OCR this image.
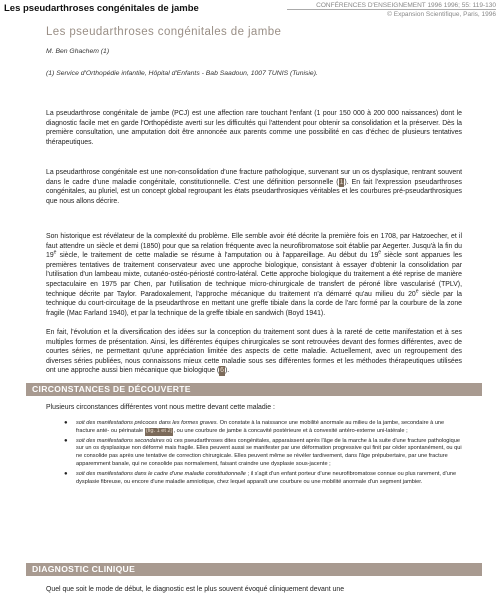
Les pseudarthroses congénitales de jambe	CONFÉRENCES D'ENSEIGNEMENT 1996 1996; 55: 119-130
© Expansion Scientifique, Paris, 1996
Les pseudarthroses congénitales de jambe
M. Ben Ghachem (1)
(1) Service d'Orthopédie infantile, Hôpital d'Enfants - Bab Saadoun, 1007 TUNIS (Tunisie).

La pseudarthrose congénitale de jambe (PCJ) est une affection rare touchant l'enfant (1 pour 150 000 à 200 000 naissances) dont le diagnostic facile met en garde l'Orthopédiste averti sur les difficultés qui l'attendent pour obtenir sa consolidation et la préserver. Dès la première consultation, une amputation doit être annoncée aux parents comme une possibilité en cas d'échec de plusieurs tentatives thérapeutiques.

La pseudarthrose congénitale est une non-consolidation d'une fracture pathologique, survenant sur un os dysplasique, rentrant souvent dans le cadre d'une maladie congénitale, constitutionnelle. C'est une définition personnelle (1). En fait l'expression pseudarthroses congénitales, au pluriel, est un concept global regroupant les états pseudarthrosiques véritables et les courbures pré-pseudarthrosiques que nous allons décrire.

Son historique est révélateur de la complexité du problème. Elle semble avoir été décrite la première fois en 1708, par Hatzoecher, et il faut attendre un siècle et demi (1850) pour que sa relation fréquente avec la neurofibromatose soit établie par Aegerter. Jusqu'à la fin du 19e siècle, le traitement de cette maladie se résume à l'amputation ou à l'appareillage. Au début du 19e siècle sont apparues les premières tentatives de traitement conservateur avec une approche biologique, consistant à essayer d'obtenir la consolidation par l'utilisation d'un lambeau mixte, cutanéo-ostéo-périosté contro-latéral. Cette approche biologique du traitement a été reprise de manière spectaculaire en 1975 par Chen, par l'utilisation de technique micro-chirurgicale de transfert de péroné libre vascularisé (TPLV), technique décrite par Taylor. Paradoxalement, l'approche mécanique du traitement n'a démarré qu'au milieu du 20e siècle par la technique du court-circuitage de la pseudarthrose en mettant une greffe tibiale dans la corde de l'arc formé par la courbure de la zone fragile (Mac Farland 1940), et par la technique de la greffe tibiale en sandwich (Boyd 1941).

En fait, l'évolution et la diversification des idées sur la conception du traitement sont dues à la rareté de cette manifestation et à ses multiples formes de présentation. Ainsi, les différentes équipes chirurgicales se sont retrouvées devant des formes différentes, avec de courtes séries, ne permettant qu'une appréciation limitée des aspects de cette maladie. Actuellement, avec un regroupement des diverses séries publiées, nous connaissons mieux cette maladie sous ses différentes formes et les méthodes thérapeutiques utilisées ont une approche aussi bien mécanique que biologique (6).

CIRCONSTANCES DE DÉCOUVERTE

Plusieurs circonstances différentes vont nous mettre devant cette maladie :

● soit des manifestations précoces dans les formes graves. On constate à la naissance une mobilité anormale au milieu de la jambe, secondaire à une fracture anté- ou périnatale (fig. 1 et 2), ou une courbure de jambe à concavité postérieure et à convexité antéro-externe uni-latérale ;
● soit des manifestations secondaires où ces pseudarthroses dites congénitales, apparaissent après l'âge de la marche à la suite d'une fracture pathologique sur un os dysplasique non déformé mais fragile. Elles peuvent aussi se manifester par une déformation progressive qui finit par céder spontanément, ou qui ne consolide pas après une tentative de correction chirurgicale. Elles peuvent même se révéler tardivement, dans l'âge prépubertaire, par une fracture apparemment banale, qui ne consolide pas normalement, faisant craindre une dysplasie sous-jacente ;
● soit des manifestations dans le cadre d'une maladie constitutionnelle ; il s'agit d'un enfant porteur d'une neurofibromatose connue ou plus rarement, d'une dysplasie fibreuse, ou encore d'une maladie amniotique, chez lequel apparaît une courbure ou une mobilité anormale d'un segment jambier.
DIAGNOSTIC CLINIQUE

Quel que soit le mode de début, le diagnostic est le plus souvent évoqué cliniquement devant une
